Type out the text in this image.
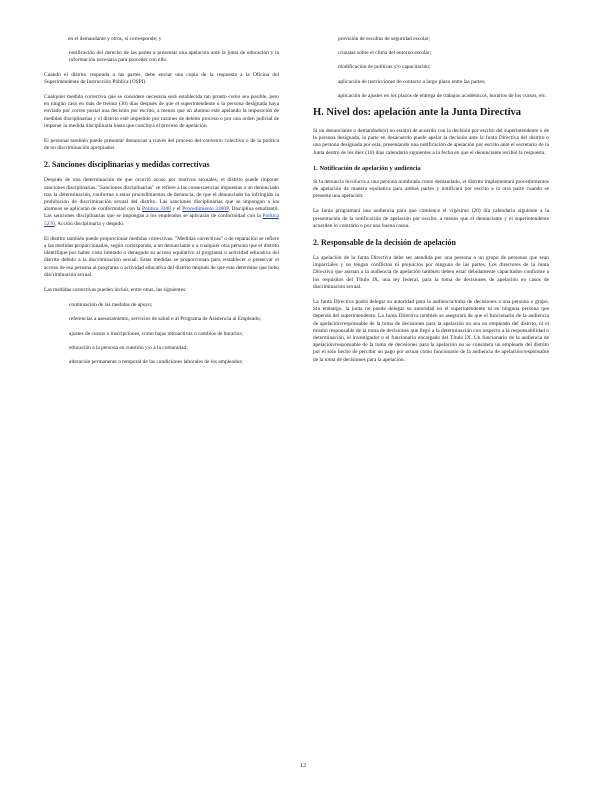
en el demandante y otros, si corresponde; y
notificación del derecho de las partes a presentar una apelación ante la junta de educación y la información necesaria para proceder con ello.

Cuando el distrito responda a las partes, debe enviar una copia de la respuesta a la Oficina del Superintendente de Instrucción Pública (OSPI).

Cualquier medida correctiva que se considere necesaria será establecida tan pronto como sea posible, pero en ningún caso en más de treinta (30) días después de que el superintendente o la persona designada haya enviado por correo postal una decisión por escrito, a menos que un alumno esté apelando la imposición de medidas disciplinarias y el distrito esté impedido por razones de debido proceso o por una orden judicial de imponer la medida disciplinaria hasta que concluya el proceso de apelación.

El personal también puede presentar denuncias a través del proceso del convenio colectivo o de la política de no discriminación apropiados.

2. Sanciones disciplinarias y medidas correctivas

Después de una determinación de que ocurrió acoso por motivos sexuales, el distrito puede imponer sanciones disciplinarias. "Sanciones disciplinarias" se refiere a las consecuencias impuestas a un denunciado tras la determinación, conforme a estos procedimientos de denuncia, de que el denunciado ha infringido la prohibición de discriminación sexual del distrito. Las sanciones disciplinarias que se impongan a los alumnos se aplicarán de conformidad con la Política 3300 y el Procedimiento 3300P, Disciplina estudiantil. Las sanciones disciplinarias que se impongan a los empleados se aplicarán de conformidad con la Política 5270, Acción disciplinaria y despido.

El distrito también puede proporcionar medidas correctivas. "Medidas correctivas" o de reparación se refiere a las medidas proporcionadas, según corresponda, a un denunciante o a cualquier otra persona que el distrito identifique por haber visto limitado o denegado su acceso equitativo al programa o actividad educativa del distrito debido a la discriminación sexual. Estas medidas se proporcionan para restablecer o preservar el acceso de esa persona al programa o actividad educativa del distrito después de que este determine que hubo discriminación sexual.

Las medidas correctivas pueden incluir, entre otras, las siguientes:

continuación de las medidas de apoyo;
referencias a asesoramiento, servicios de salud o al Programa de Asistencia al Empleado;
ajustes de cursos o inscripciones, como bajas retroactivas o cambios de horarios;
educación a la persona en cuestión y/o a la comunidad;
alteración permanente o temporal de las condiciones laborales de los empleados;
provisión de escoltas de seguridad escolar;
cruzatas sobre el clima del entorno escolar;
modificación de políticas y/o capacitación;
aplicación de restricciones de contacto a largo plazo entre las partes;
aplicación de ajustes en los plazos de entrega de trabajos académicos, horarios de los cursos, etc.
H. Nivel dos: apelación ante la Junta Directiva

Si un denunciante o demandado(s) no está(n) de acuerdo con la decisión por escrito del superintendente o de la persona designada, la parte en desacuerdo puede apelar la decisión ante la Junta Directiva del distrito o una persona designada por esta, presentando una notificación de apelación por escrito ante el secretario de la Junta dentro de los diez (10) días calendario siguientes a la fecha en que el denunciante recibió la respuesta.

1. Notificación de apelación y audiencia

Si la denuncia involucra a una persona nombrada como demandado, el distrito implementará procedimientos de apelación de manera equitativa para ambas partes y notificará por escrito a la otra parte cuando se presente una apelación.

La Junta programará una audiencia para que comience el vigésimo (20) día calendario siguiente a la presentación de la notificación de apelación por escrito, a menos que el denunciante y el superintendente acuerden lo contrario o por una buena causa.

2. Responsable de la decisión de apelación

La apelación de la Junta Directiva debe ser atendida por una persona o un grupo de personas que sean imparciales y no tengan conflictos ni prejuicios por ninguna de las partes. Los directores de la Junta Directiva que asistan a la audiencia de apelación también deben estar debidamente capacitados conforme a los requisitos del Título IX, una ley federal, para la toma de decisiones de apelación en casos de discriminación sexual.

La Junta Directiva podrá delegar su autoridad para la audiencia/toma de decisiones a una persona o grupo. Sin embargo, la junta no puede delegar su autoridad en el superintendente ni en ninguna persona que dependa del superintendente. La Junta Directiva también se asegurará de que el funcionario de la audiencia de apelación/responsable de la toma de decisiones para la apelación no sea un empleado del distrito, ni el mismo responsable de la toma de decisiones que llegó a la determinación con respecto a la responsabilidad o determinación, el investigador o el funcionario encargado del Título IX. Un funcionario de la audiencia de apelación/responsable de la toma de decisiones para la apelación no se considera un empleado del distrito por el solo hecho de percibir un pago por actuar como funcionario de la audiencia de apelación/responsable de la toma de decisiones para la apelación.

12
